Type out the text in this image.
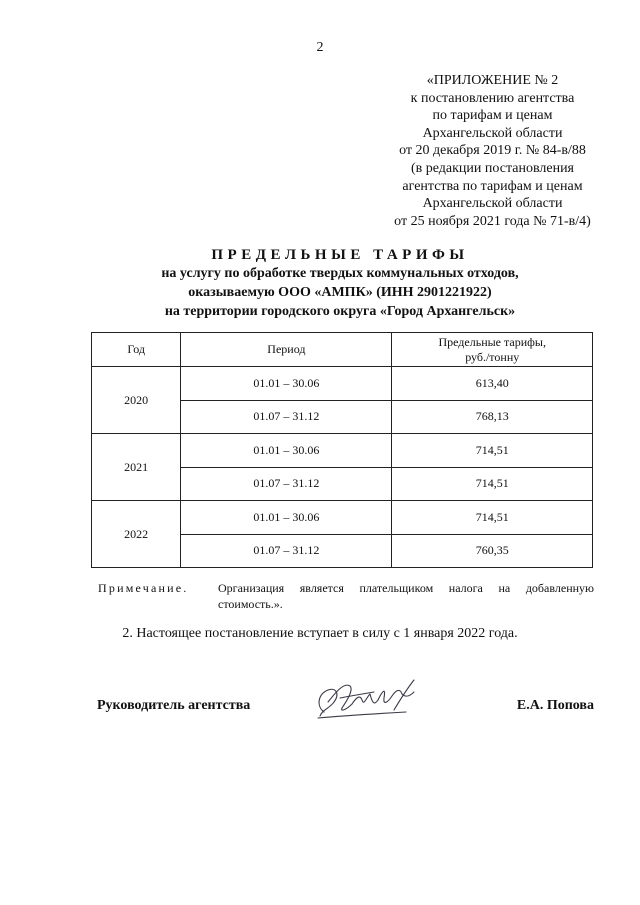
2
«ПРИЛОЖЕНИЕ № 2
к постановлению агентства
по тарифам и ценам
Архангельской области
от 20 декабря 2019 г. № 84-в/88
(в редакции постановления
агентства по тарифам и ценам
Архангельской области
от 25 ноября 2021 года № 71-в/4)
ПРЕДЕЛЬНЫЕ ТАРИФЫ
на услугу по обработке твердых коммунальных отходов,
оказываемую ООО «АМПК» (ИНН 2901221922)
на территории городского округа «Город Архангельск»
Год	Период	Предельные тарифы,
руб./тонну

2020	01.01 – 30.06	613,40
	01.07 – 31.12	768,13
2021	01.01 – 30.06	714,51
	01.07 – 31.12	714,51
2022	01.01 – 30.06	714,51
	01.07 – 31.12	760,35
Примечание. Организация является плательщиком налога на добавленную стоимость.».
2. Настоящее постановление вступает в силу с 1 января 2022 года.
Руководитель агентства	Е.А. Попова
